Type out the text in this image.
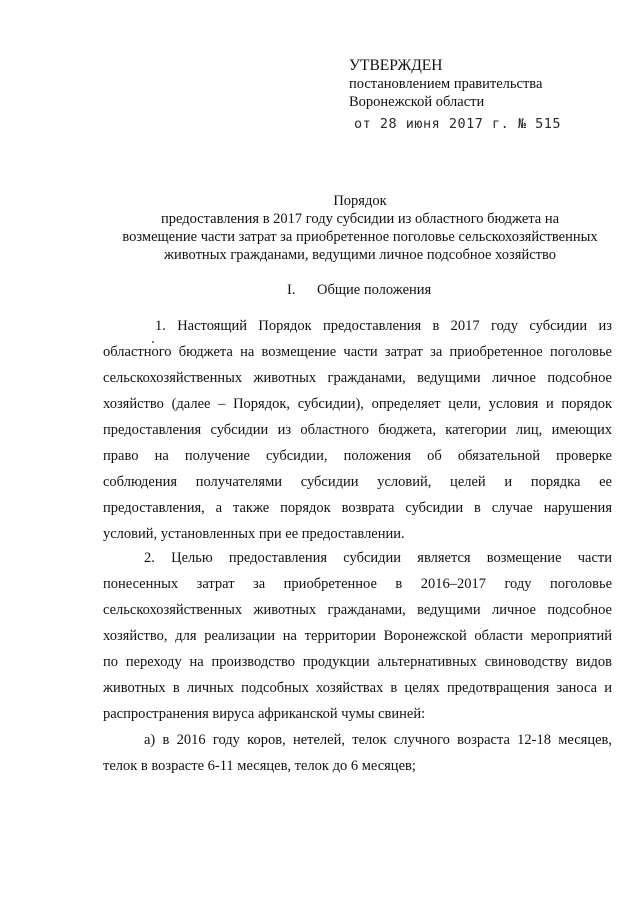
УТВЕРЖДЕН
постановлением правительства
Воронежской области
от 28 июня 2017 г. № 515
Порядок
предоставления в 2017 году субсидии из областного бюджета на
возмещение части затрат за приобретенное поголовье сельскохозяйственных
животных гражданами, ведущими личное подсобное хозяйство
I. Общие положения
1. Настоящий Порядок предоставления в 2017 году субсидии из
областного бюджета на возмещение части затрат за приобретенное поголовье
сельскохозяйственных животных гражданами, ведущими личное подсобное
хозяйство (далее – Порядок, субсидии), определяет цели, условия и порядок
предоставления субсидии из областного бюджета, категории лиц, имеющих
право на получение субсидии, положения об обязательной проверке
соблюдения получателями субсидии условий, целей и порядка ее
предоставления, а также порядок возврата субсидии в случае нарушения
условий, установленных при ее предоставлении.
2. Целью предоставления субсидии является возмещение части
понесенных затрат за приобретенное в 2016–2017 году поголовье
сельскохозяйственных животных гражданами, ведущими личное подсобное
хозяйство, для реализации на территории Воронежской области мероприятий
по переходу на производство продукции альтернативных свиноводству видов
животных в личных подсобных хозяйствах в целях предотвращения заноса и
распространения вируса африканской чумы свиней:
а) в 2016 году коров, нетелей, телок случного возраста 12-18 месяцев,
телок в возрасте 6-11 месяцев, телок до 6 месяцев;
